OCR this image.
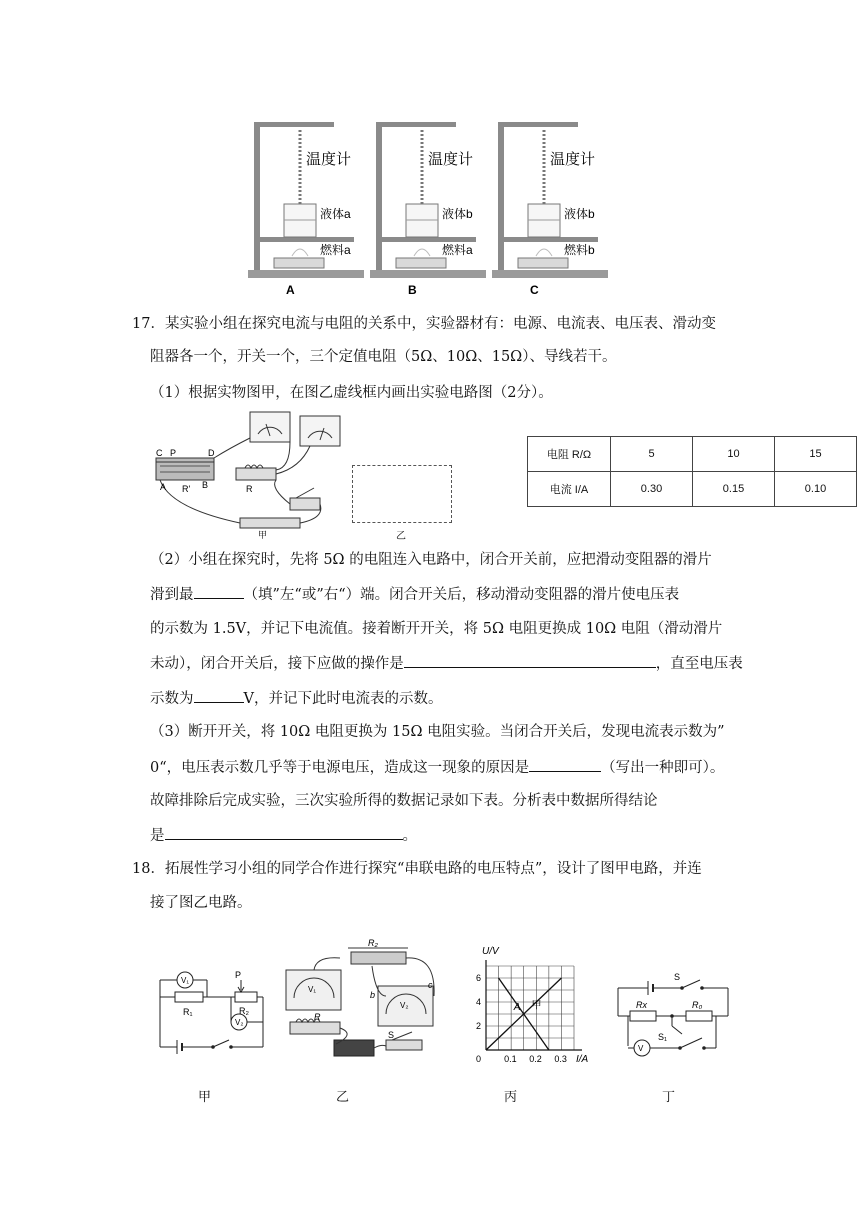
温度计
液体a
燃料a
A
温度计
液体b
燃料a
B
温度计
液体b
燃料b
C
17．某实验小组在探究电流与电阻的关系中，实验器材有：电源、电流表、电压表、滑动变
阻器各一个，开关一个，三个定值电阻（5Ω、10Ω、15Ω）、导线若干。
（1）根据实物图甲，在图乙虚线框内画出实验电路图（2分）。
C P	D
A	B
R'	R
甲	乙
电阻 R/Ω	5	10	15
电流 I/A	0.30	0.15	0.10
（2）小组在探究时，先将 5Ω 的电阻连入电路中，闭合开关前，应把滑动变阻器的滑片
滑到最	（填”左“或”右“）端。闭合开关后，移动滑动变阻器的滑片使电压表
的示数为 1.5V，并记下电流值。接着断开开关，将 5Ω 电阻更换成 10Ω 电阻（滑动滑片
未动），闭合开关后，接下应做的操作是	，直至电压表
示数为	V，并记下此时电流表的示数。
（3）断开开关，将 10Ω 电阻更换为 15Ω 电阻实验。当闭合开关后，发现电流表示数为”
0“，电压表示数几乎等于电源电压，造成这一现象的原因是	（写出一种即可）。
故障排除后完成实验，三次实验所得的数据记录如下表。分析表中数据所得结论
是	。
18．拓展性学习小组的同学合作进行探究“串联电路的电压特点”，设计了图甲电路，并连
接了图乙电路。
V₁
R₁
P
R₂
V₂
R₂
V₁
R
b
c
V₂
S
甲
A
0.1 0.2 0.3
2
4
6
0
U/V
I/A
S
Rx	R₀
S₁
V
甲	乙	丙	丁
